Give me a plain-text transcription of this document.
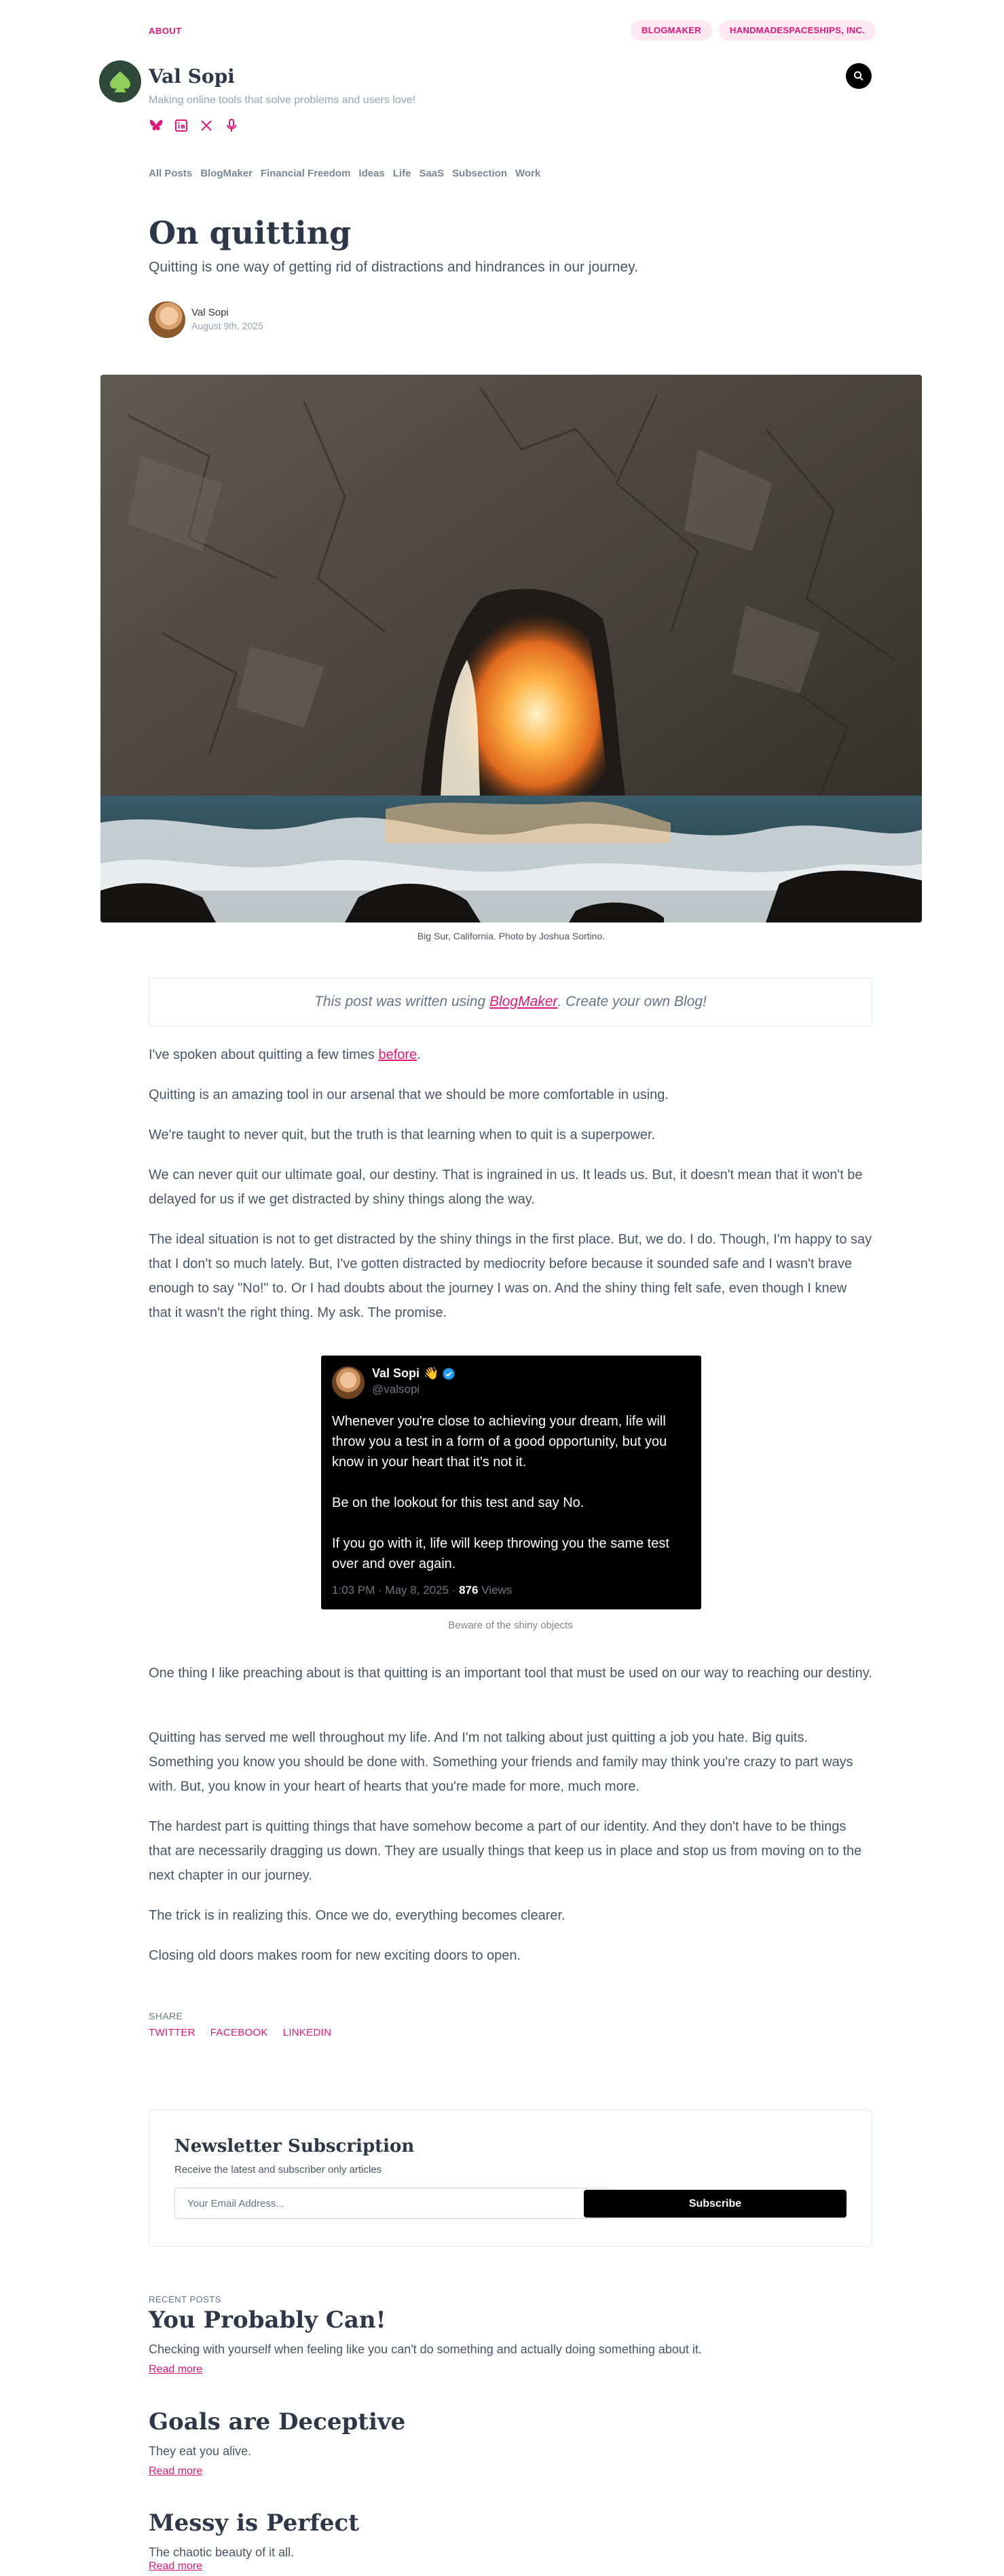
ABOUT	BLOGMAKER	HANDMADESPACESHIPS, INC.
Val Sopi
Making online tools that solve problems and users love!
All Posts BlogMaker Financial Freedom Ideas Life SaaS Subsection Work
On quitting
Quitting is one way of getting rid of distractions and hindrances in our journey.
Val Sopi
August 9th, 2025
Big Sur, California. Photo by Joshua Sortino.
This post was written using
BlogMaker . Create your own Blog!

I've spoken about quitting a few times before.

Quitting is an amazing tool in our arsenal that we should be more comfortable in using.

We're taught to never quit, but the truth is that learning when to quit is a superpower.

We can never quit our ultimate goal, our destiny. That is ingrained in us. It leads us. But, it doesn't mean that it won't be delayed for us if we get distracted by shiny things along the way.

The ideal situation is not to get distracted by the shiny things in the first place. But, we do. I do. Though, I'm happy to say that I don't so much lately. But, I've gotten distracted by mediocrity before because it sounded safe and I wasn't brave enough to say "No!" to. Or I had doubts about the journey I was on. And the shiny thing felt safe, even though I knew that it wasn't the right thing. My ask. The promise.

Val Sopi 👋
@valsopi
Whenever you're close to achieving your dream, life will throw you a test in a form of a good opportunity, but you know in your heart that it's not it.

Be on the lookout for this test and say No.

If you go with it, life will keep throwing you the same test over and over again.
1:03 PM · May 8, 2025 · 876 Views
Beware of the shiny objects

One thing I like preaching about is that quitting is an important tool that must be used on our way to reaching our destiny.

Quitting has served me well throughout my life. And I'm not talking about just quitting a job you hate. Big quits. Something you know you should be done with. Something your friends and family may think you're crazy to part ways with. But, you know in your heart of hearts that you're made for more, much more.

The hardest part is quitting things that have somehow become a part of our identity. And they don't have to be things that are necessarily dragging us down. They are usually things that keep us in place and stop us from moving on to the next chapter in our journey.

The trick is in realizing this. Once we do, everything becomes clearer.

Closing old doors makes room for new exciting doors to open.

SHARE
TWITTER FACEBOOK LINKEDIN
Newsletter Subscription
Receive the latest and subscriber only articles
Your Email Address...
Subscribe
RECENT POSTS
You Probably Can!
Checking with yourself when feeling like you can't do something and actually doing something about it.
Read more
Goals are Deceptive
They eat you alive.
Read more
Messy is Perfect
The chaotic beauty of it all.
Read more
